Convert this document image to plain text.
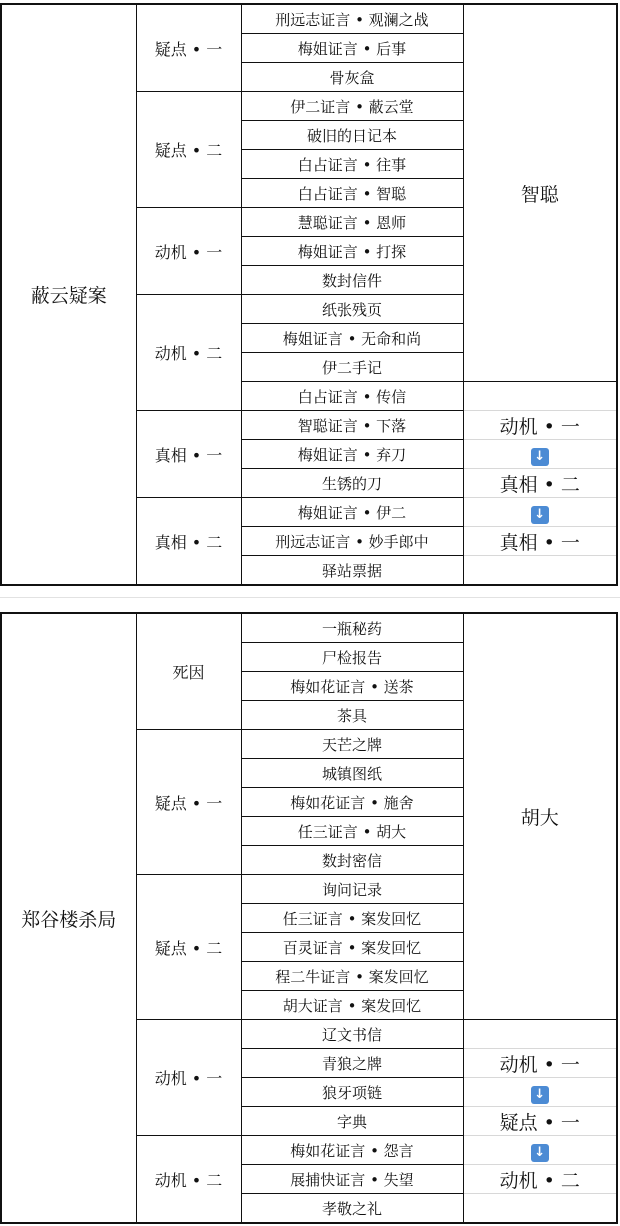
蔽云疑案	疑点 • 一	刑远志证言 • 观澜之战	智聪
		梅姐证言 • 后事	
		骨灰盒	
	疑点 • 二	伊二证言 • 蔽云堂	
		破旧的日记本	
		白占证言 • 往事	
		白占证言 • 智聪	
	动机 • 一	慧聪证言 • 恩师	
		梅姐证言 • 打探	
		数封信件	
	动机 • 二	纸张残页	
		梅姐证言 • 无命和尚	
		伊二手记	
		白占证言 • 传信	
	真相 • 一	智聪证言 • 下落	动机 • 一
		梅姐证言 • 弃刀	↓
		生锈的刀	真相 • 二
	真相 • 二	梅姐证言 • 伊二	↓
		刑远志证言 • 妙手郎中	真相 • 一
		驿站票据	
郑谷楼杀局	死因	一瓶秘药	胡大
		尸检报告	
		梅如花证言 • 送茶	
		茶具	
	疑点 • 一	天芒之牌	
		城镇图纸	
		梅如花证言 • 施舍	
		任三证言 • 胡大	
		数封密信	
	疑点 • 二	询问记录	
		任三证言 • 案发回忆	
		百灵证言 • 案发回忆	
		程二牛证言 • 案发回忆	
		胡大证言 • 案发回忆	
	动机 • 一	辽文书信	
		青狼之牌	动机 • 一
		狼牙项链	↓
		字典	疑点 • 一
	动机 • 二	梅如花证言 • 怨言	↓
		展捕快证言 • 失望	动机 • 二
		孝敬之礼	
